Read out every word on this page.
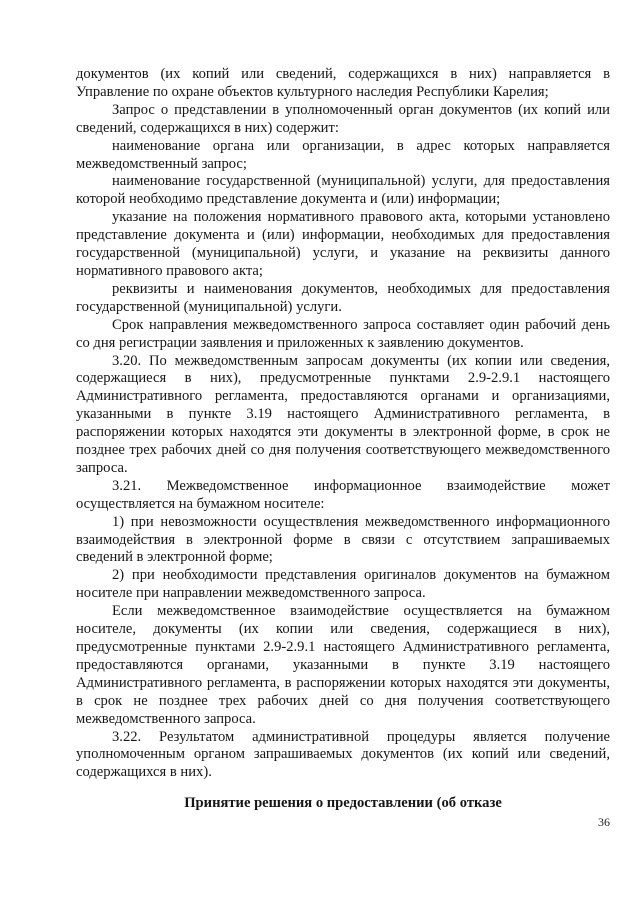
документов (их копий или сведений, содержащихся в них) направляется в Управление по охране объектов культурного наследия Республики Карелия;

Запрос о представлении в уполномоченный орган документов (их копий или сведений, содержащихся в них) содержит:

наименование органа или организации, в адрес которых направляется межведомственный запрос;

наименование государственной (муниципальной) услуги, для предоставления которой необходимо представление документа и (или) информации;

указание на положения нормативного правового акта, которыми установлено представление документа и (или) информации, необходимых для предоставления государственной (муниципальной) услуги, и указание на реквизиты данного нормативного правового акта;

реквизиты и наименования документов, необходимых для предоставления государственной (муниципальной) услуги.

Срок направления межведомственного запроса составляет один рабочий день со дня регистрации заявления и приложенных к заявлению документов.

3.20. По межведомственным запросам документы (их копии или сведения, содержащиеся в них), предусмотренные пунктами 2.9-2.9.1 настоящего Административного регламента, предоставляются органами и организациями, указанными в пункте 3.19 настоящего Административного регламента, в распоряжении которых находятся эти документы в электронной форме, в срок не позднее трех рабочих дней со дня получения соответствующего межведомственного запроса.

3.21. Межведомственное информационное взаимодействие может осуществляется на бумажном носителе:

1) при невозможности осуществления межведомственного информационного взаимодействия в электронной форме в связи с отсутствием запрашиваемых сведений в электронной форме;

2) при необходимости представления оригиналов документов на бумажном носителе при направлении межведомственного запроса.

Если межведомственное взаимодействие осуществляется на бумажном носителе, документы (их копии или сведения, содержащиеся в них), предусмотренные пунктами 2.9-2.9.1 настоящего Административного регламента, предоставляются органами, указанными в пункте 3.19 настоящего Административного регламента, в распоряжении которых находятся эти документы, в срок не позднее трех рабочих дней со дня получения соответствующего межведомственного запроса.

3.22. Результатом административной процедуры является получение уполномоченным органом запрашиваемых документов (их копий или сведений, содержащихся в них).

Принятие решения о предоставлении (об отказе
36
